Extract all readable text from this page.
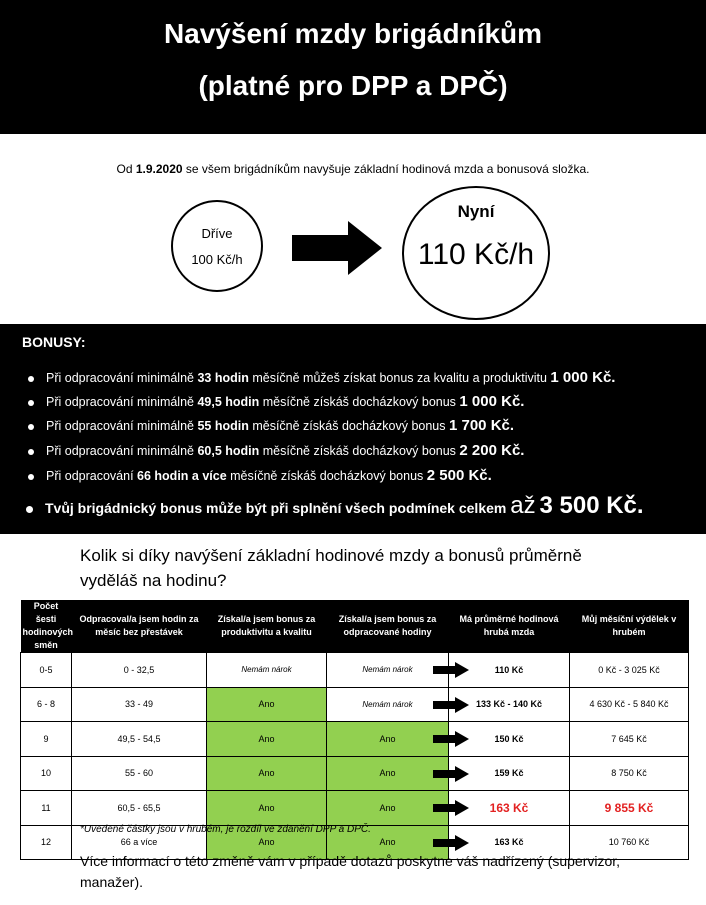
Navýšení mzdy brigádníkům
(platné pro DPP a DPČ)
Od 1.9.2020 se všem brigádníkům navyšuje základní hodinová mzda a bonusová složka.
Dříve
100 Kč/h
Nyní
110 Kč/h
BONUSY:
Při odpracování minimálně 33 hodin měsíčně můžeš získat bonus za kvalitu a produktivitu 1 000 Kč.
Při odpracování minimálně 49,5 hodin měsíčně získáš docházkový bonus 1 000 Kč.
Při odpracování minimálně 55 hodin měsíčně získáš docházkový bonus 1 700 Kč.
Při odpracování minimálně 60,5 hodin měsíčně získáš docházkový bonus 2 200 Kč.
Při odpracování 66 hodin a více měsíčně získáš docházkový bonus 2 500 Kč.
Tvůj brigádnický bonus může být při splnění všech podmínek celkem až 3 500 Kč.
Kolik si díky navýšení základní hodinové mzdy a bonusů průměrně vyděláš na hodinu?
Počet šesti hodinových směn	Odpracoval/a jsem hodin za měsíc bez přestávek	Získal/a jsem bonus za produktivitu a kvalitu	Získal/a jsem bonus za odpracované hodiny	Má průměrné hodinová hrubá mzda	Můj měsíční výdělek v hrubém
0-5	0 - 32,5	Nemám nárok	Nemám nárok	110 Kč	0 Kč - 3 025 Kč
6 - 8	33 - 49	Ano	Nemám nárok	133 Kč - 140 Kč	4 630 Kč - 5 840 Kč
9	49,5 - 54,5	Ano	Ano	150 Kč	7 645 Kč
10	55 - 60	Ano	Ano	159 Kč	8 750 Kč
11	60,5 - 65,5	Ano	Ano	163 Kč	9 855 Kč
12	66 a více	Ano	Ano	163 Kč	10 760 Kč
*Uvedené částky jsou v hrubém, je rozdíl ve zdanění DPP a DPČ.
Více informací o této změně vám v případě dotazů poskytne váš nadřízený (supervizor, manažer).
